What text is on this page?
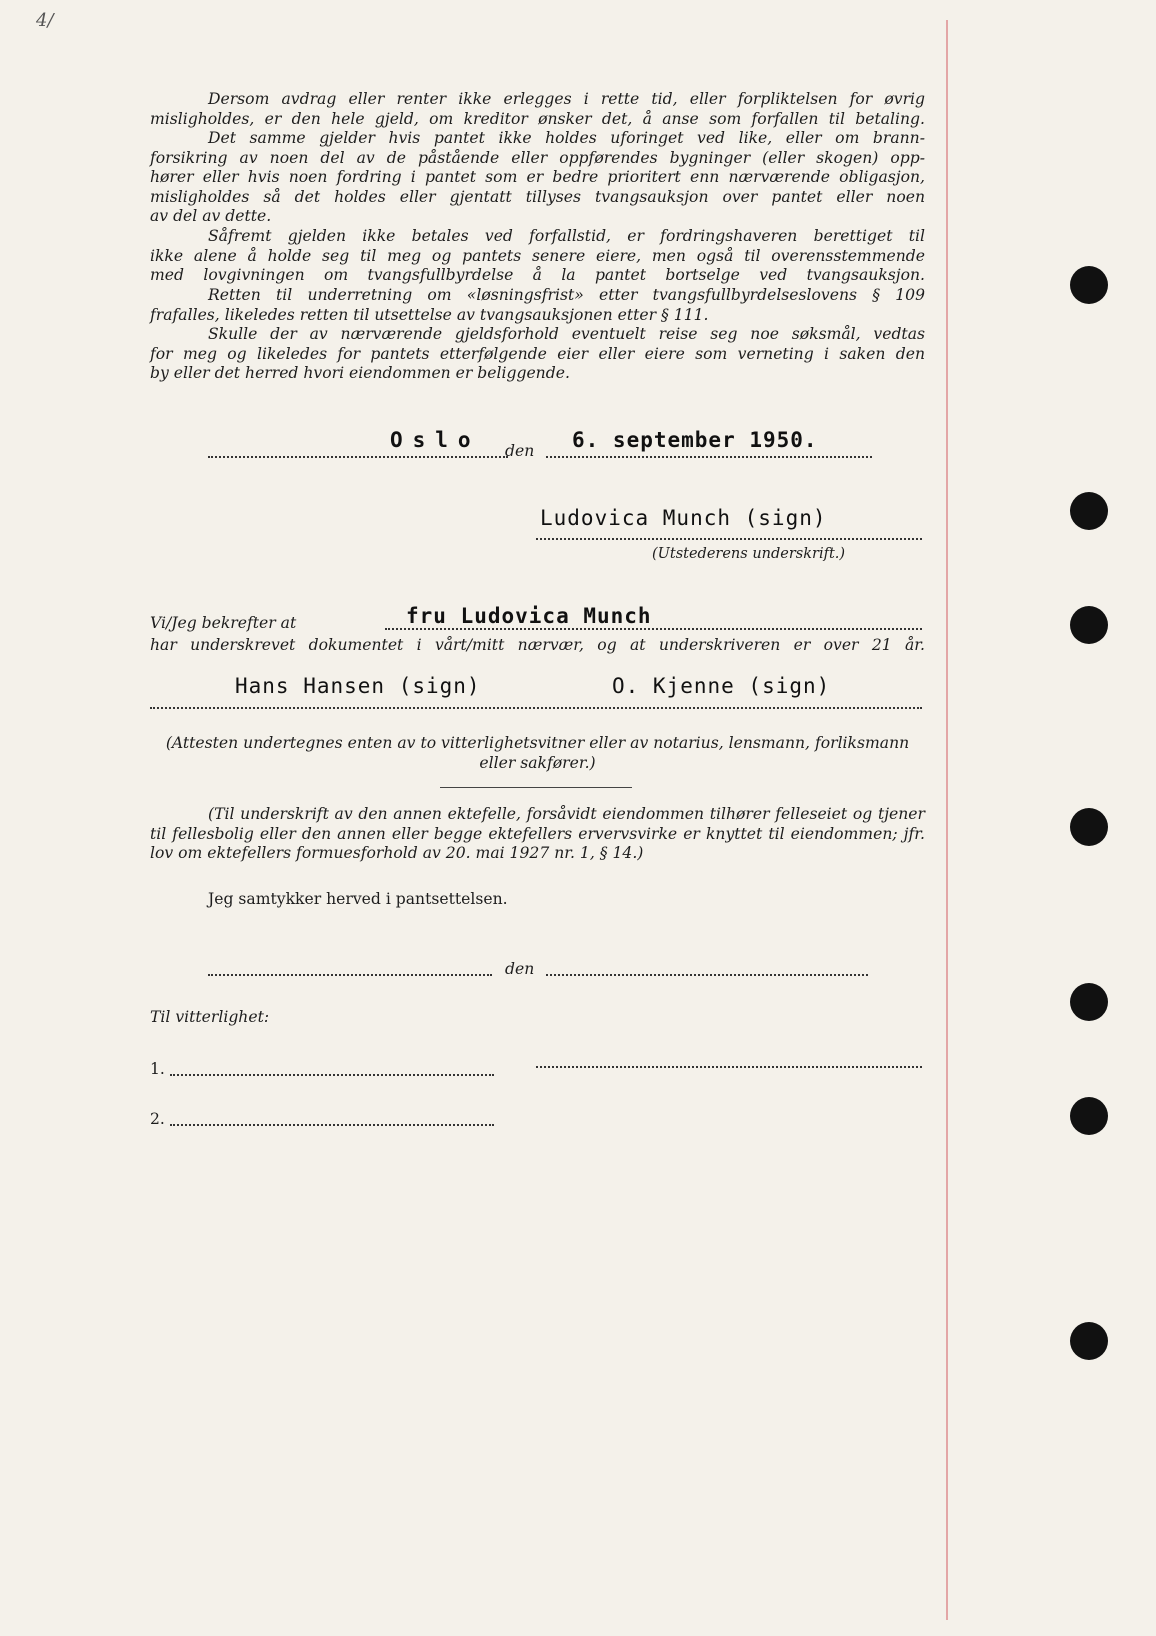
4/
Dersom avdrag eller renter ikke erlegges i rette tid, eller forpliktelsen for øvrig
misligholdes, er den hele gjeld, om kreditor ønsker det, å anse som forfallen til betaling.
Det samme gjelder hvis pantet ikke holdes uforinget ved like, eller om brann-
forsikring av noen del av de påstående eller oppførendes bygninger (eller skogen) opp-
hører eller hvis noen fordring i pantet som er bedre prioritert enn nærværende obligasjon,
misligholdes så det holdes eller gjentatt tillyses tvangsauksjon over pantet eller noen
av del av dette.
Såfremt gjelden ikke betales ved forfallstid, er fordringshaveren berettiget til
ikke alene å holde seg til meg og pantets senere eiere, men også til overensstemmende
med lovgivningen om tvangsfullbyrdelse å la pantet bortselge ved tvangsauksjon.
Retten til underretning om «løsningsfrist» etter tvangsfullbyrdelseslovens § 109
frafalles, likeledes retten til utsettelse av tvangsauksjonen etter § 111.
Skulle der av nærværende gjeldsforhold eventuelt reise seg noe søksmål, vedtas
for meg og likeledes for pantets etterfølgende eier eller eiere som verneting i saken den
by eller det herred hvori eiendommen er beliggende.
Oslo den 6. september 1950.
Ludovica Munch (sign)
(Utstederens underskrift.)
Vi/Jeg bekrefter at	fru Ludovica Munch
har underskrevet dokumentet i vårt/mitt nærvær, og at underskriveren er over 21 år.
Hans Hansen (sign)	O. Kjenne (sign)
(Attesten undertegnes enten av to vitterlighetsvitner eller av notarius, lensmann, forliksmann
eller sakfører.)
(Til underskrift av den annen ektefelle, forsåvidt eiendommen tilhører felleseiet og tjener
til fellesbolig eller den annen eller begge ektefellers ervervsvirke er knyttet til eiendommen; jfr.
lov om ektefellers formuesforhold av 20. mai 1927 nr. 1, § 14.)
Jeg samtykker herved i pantsettelsen.
den
Til vitterlighet:
1.
2.
